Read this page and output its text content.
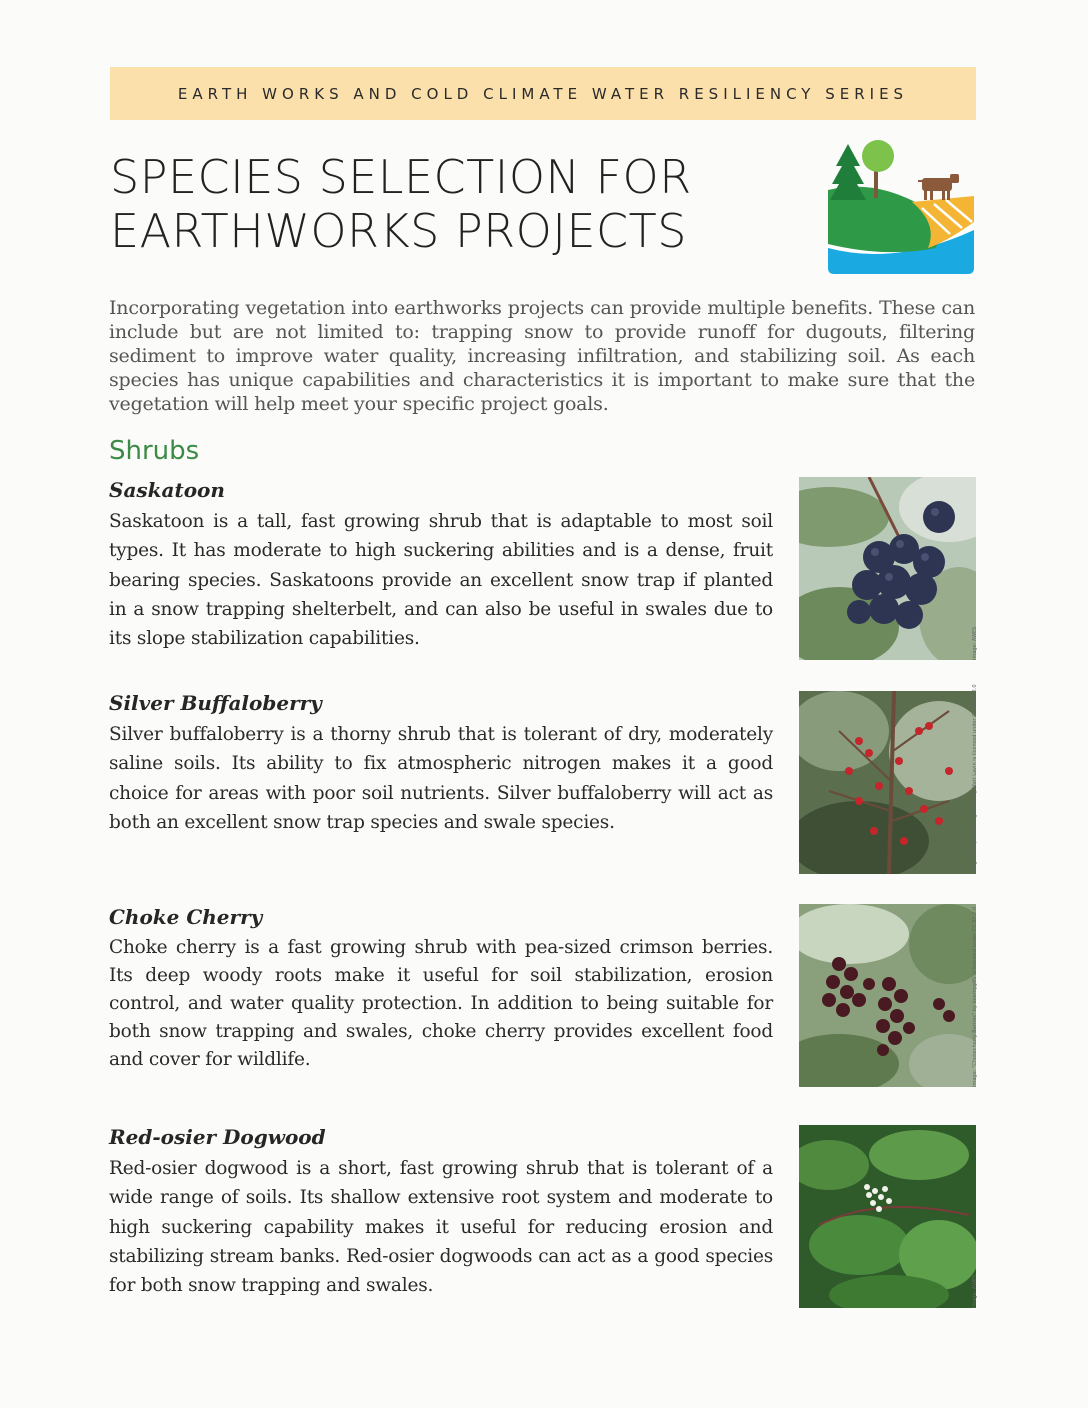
EARTH WORKS AND COLD CLIMATE WATER RESILIENCY SERIES
SPECIES SELECTION FOR
EARTHWORKS PROJECTS

Incorporating vegetation into earthworks projects can provide multiple benefits. These can include but are not limited to: trapping snow to provide runoff for dugouts, filtering sediment to improve water quality, increasing infiltration, and stabilizing soil. As each species has unique capabilities and characteristics it is important to make sure that the vegetation will help meet your specific project goals.

Shrubs
Saskatoon

Saskatoon is a tall, fast growing shrub that is adaptable to most soil types. It has moderate to high suckering abilities and is a dense, fruit bearing species. Saskatoons provide an excellent snow trap if planted in a snow trapping shelterbelt, and can also be useful in swales due to its slope stabilization capabilities.	Image: AWES
Silver Buffaloberry

Silver buffaloberry is a thorny shrub that is tolerant of dry, moderately saline soils. Its ability to fix atmospheric nitrogen makes it a good choice for areas with poor soil nutrients. Silver buffaloberry will act as both an excellent snow trap species and swale species.	Image: "Shepherdia argentea" by Matt Lavin is licensed under CC BY-SA 2.0
Choke Cherry

Choke cherry is a fast growing shrub with pea-sized crimson berries. Its deep woody roots make it useful for soil stabilization, erosion control, and water quality protection. In addition to being suitable for both snow trapping and swales, choke cherry provides excellent food and cover for wildlife.	Image: "Chokecherry Berries" by beemyg45 is licensed under CC BY 2.0
Red-osier Dogwood

Red-osier dogwood is a short, fast growing shrub that is tolerant of a wide range of soils. Its shallow extensive root system and moderate to high suckering capability makes it useful for reducing erosion and stabilizing stream banks. Red-osier dogwoods can act as a good species for both snow trapping and swales.	Image: AWES
